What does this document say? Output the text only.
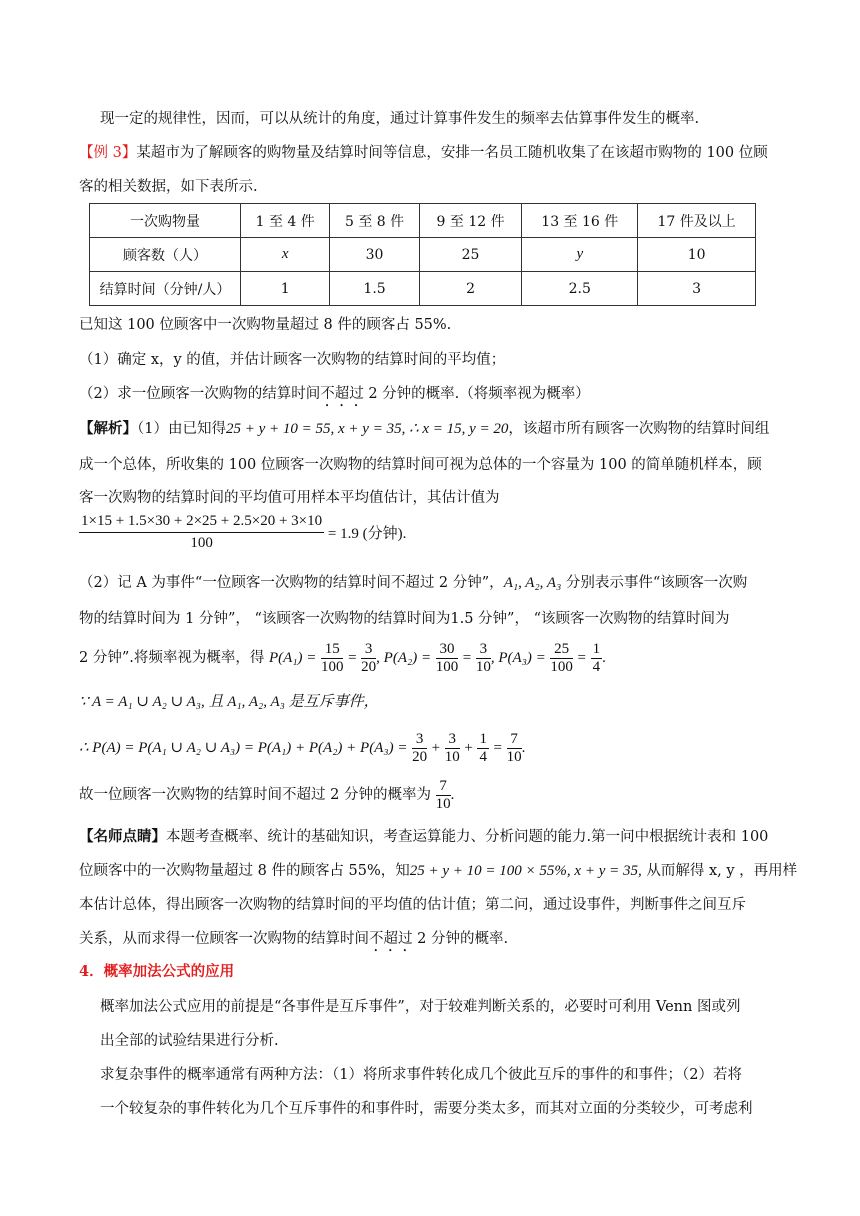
现一定的规律性，因而，可以从统计的角度，通过计算事件发生的频率去估算事件发生的概率.
【例 3】某超市为了解顾客的购物量及结算时间等信息，安排一名员工随机收集了在该超市购物的 100 位顾
客的相关数据，如下表所示.
一次购物量	1 至 4 件	5 至 8 件	9 至 12 件	13 至 16 件	17 件及以上
顾客数（人）	x	30	25	y	10
结算时间（分钟/人）	1	1.5	2	2.5	3
已知这 100 位顾客中一次购物量超过 8 件的顾客占 55%.
（1）确定 x，y 的值，并估计顾客一次购物的结算时间的平均值；
（2）求一位顾客一次购物的结算时间不超过 2 分钟的概率.（将频率视为概率）
【解析】（1）由已知得25 + y + 10 = 55, x + y = 35, ∴ x = 15, y = 20，该超市所有顾客一次购物的结算时间组
成一个总体，所收集的 100 位顾客一次购物的结算时间可视为总体的一个容量为 100 的简单随机样本，顾
客一次购物的结算时间的平均值可用样本平均值估计，其估计值为
$\frac{1\times 15 + 1.5\times 30 + 2\times 25 + 2.5\times 20 + 3\times 10}{100} = 1.9$ (分钟).
（2）记 A 为事件“一位顾客一次购物的结算时间不超过 2 分钟”，A₁, A₂, A₃ 分别表示事件“该顾客一次购
物的结算时间为 1 分钟”， “该顾客一次购物的结算时间为1.5 分钟”， “该顾客一次购物的结算时间为
2 分钟”.将频率视为概率，得 $P(A_1) = \frac{15}{100} = \frac{3}{20}$ , $P(A_2) = \frac{30}{100} = \frac{3}{10}$ , $P(A_3) = \frac{25}{100} = \frac{1}{4}$ .
∵ A = A₁ ∪ A₂ ∪ A₃, 且 A₁, A₂, A₃ 是互斥事件，
∴ P(A) = P(A₁ ∪ A₂ ∪ $A_3) = P(A_1) + P(A_2) + P(A_3) = \frac{3}{20} + \frac{3}{10} + \frac{1}{4} = \frac{7}{10}$ .
故一位顾客一次购物的结算时间不超过 2 分钟的概率为 $\frac{7}{10}$ .
【名师点睛】本题考查概率、统计的基础知识，考查运算能力、分析问题的能力.第一问中根据统计表和 100
位顾客中的一次购物量超过 8 件的顾客占 55%，知25 + y + 10 = 100 × 55%, x + y = 35, 从而解得 x, y ，再用样
本估计总体，得出顾客一次购物的结算时间的平均值的估计值；第二问，通过设事件，判断事件之间互斥
关系，从而求得一位顾客一次购物的结算时间不超过 2 分钟的概率.
4．概率加法公式的应用
概率加法公式应用的前提是“各事件是互斥事件”，对于较难判断关系的，必要时可利用 Venn 图或列
出全部的试验结果进行分析.
求复杂事件的概率通常有两种方法：（1）将所求事件转化成几个彼此互斥的事件的和事件；（2）若将
一个较复杂的事件转化为几个互斥事件的和事件时，需要分类太多，而其对立面的分类较少，可考虑利
